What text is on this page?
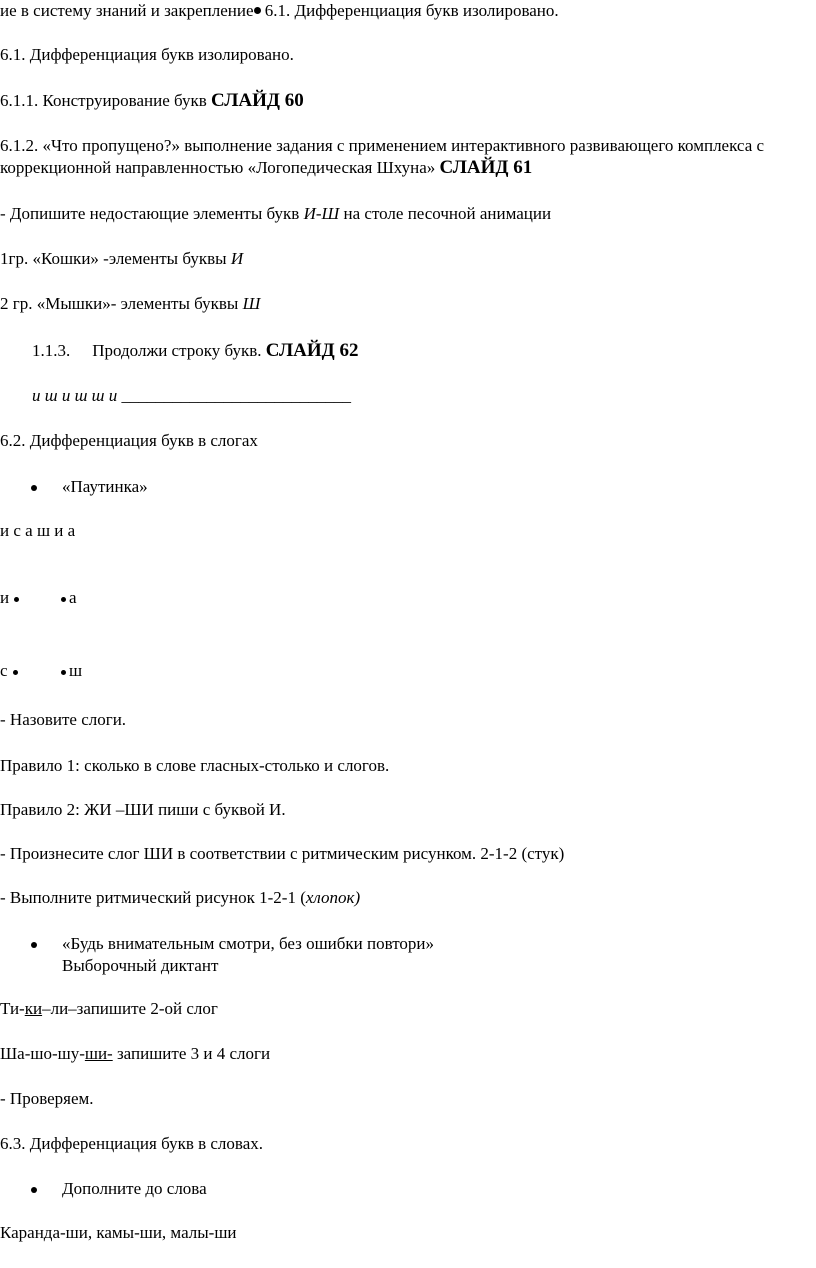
ие в систему знаний и закрепление 6.1. Дифференциация букв изолировано.
6.1. Дифференциация букв изолировано.
6.1.1. Конструирование букв СЛАЙД 60
6.1.2. «Что пропущено?» выполнение задания с применением интерактивного развивающего комплекса с коррекционной направленностью «Логопедическая Шхуна» СЛАЙД 61
- Допишите недостающие элементы букв И-Ш на столе песочной анимации
1гр. «Кошки» -элементы буквы И
2 гр. «Мышки»- элементы буквы Ш
1.1.3. Продолжи строку букв. СЛАЙД 62
и ш и ш ш и ___________________________
6.2. Дифференциация букв в слогах
«Паутинка»
и с а ш и а
и	а
с	ш
- Назовите слоги.
Правило 1: сколько в слове гласных-столько и слогов.
Правило 2: ЖИ –ШИ пиши с буквой И.
- Произнесите слог ШИ в соответствии с ритмическим рисунком. 2-1-2 (стук)
- Выполните ритмический рисунок 1-2-1 (хлопок)
«Будь внимательным смотри, без ошибки повтори»
Выборочный диктант
Ти-ки–ли–запишите 2-ой слог
Ша-шо-шу-ши- запишите 3 и 4 слоги
- Проверяем.
6.3. Дифференциация букв в словах.
Дополните до слова
Каранда-ши, камы-ши, малы-ши
